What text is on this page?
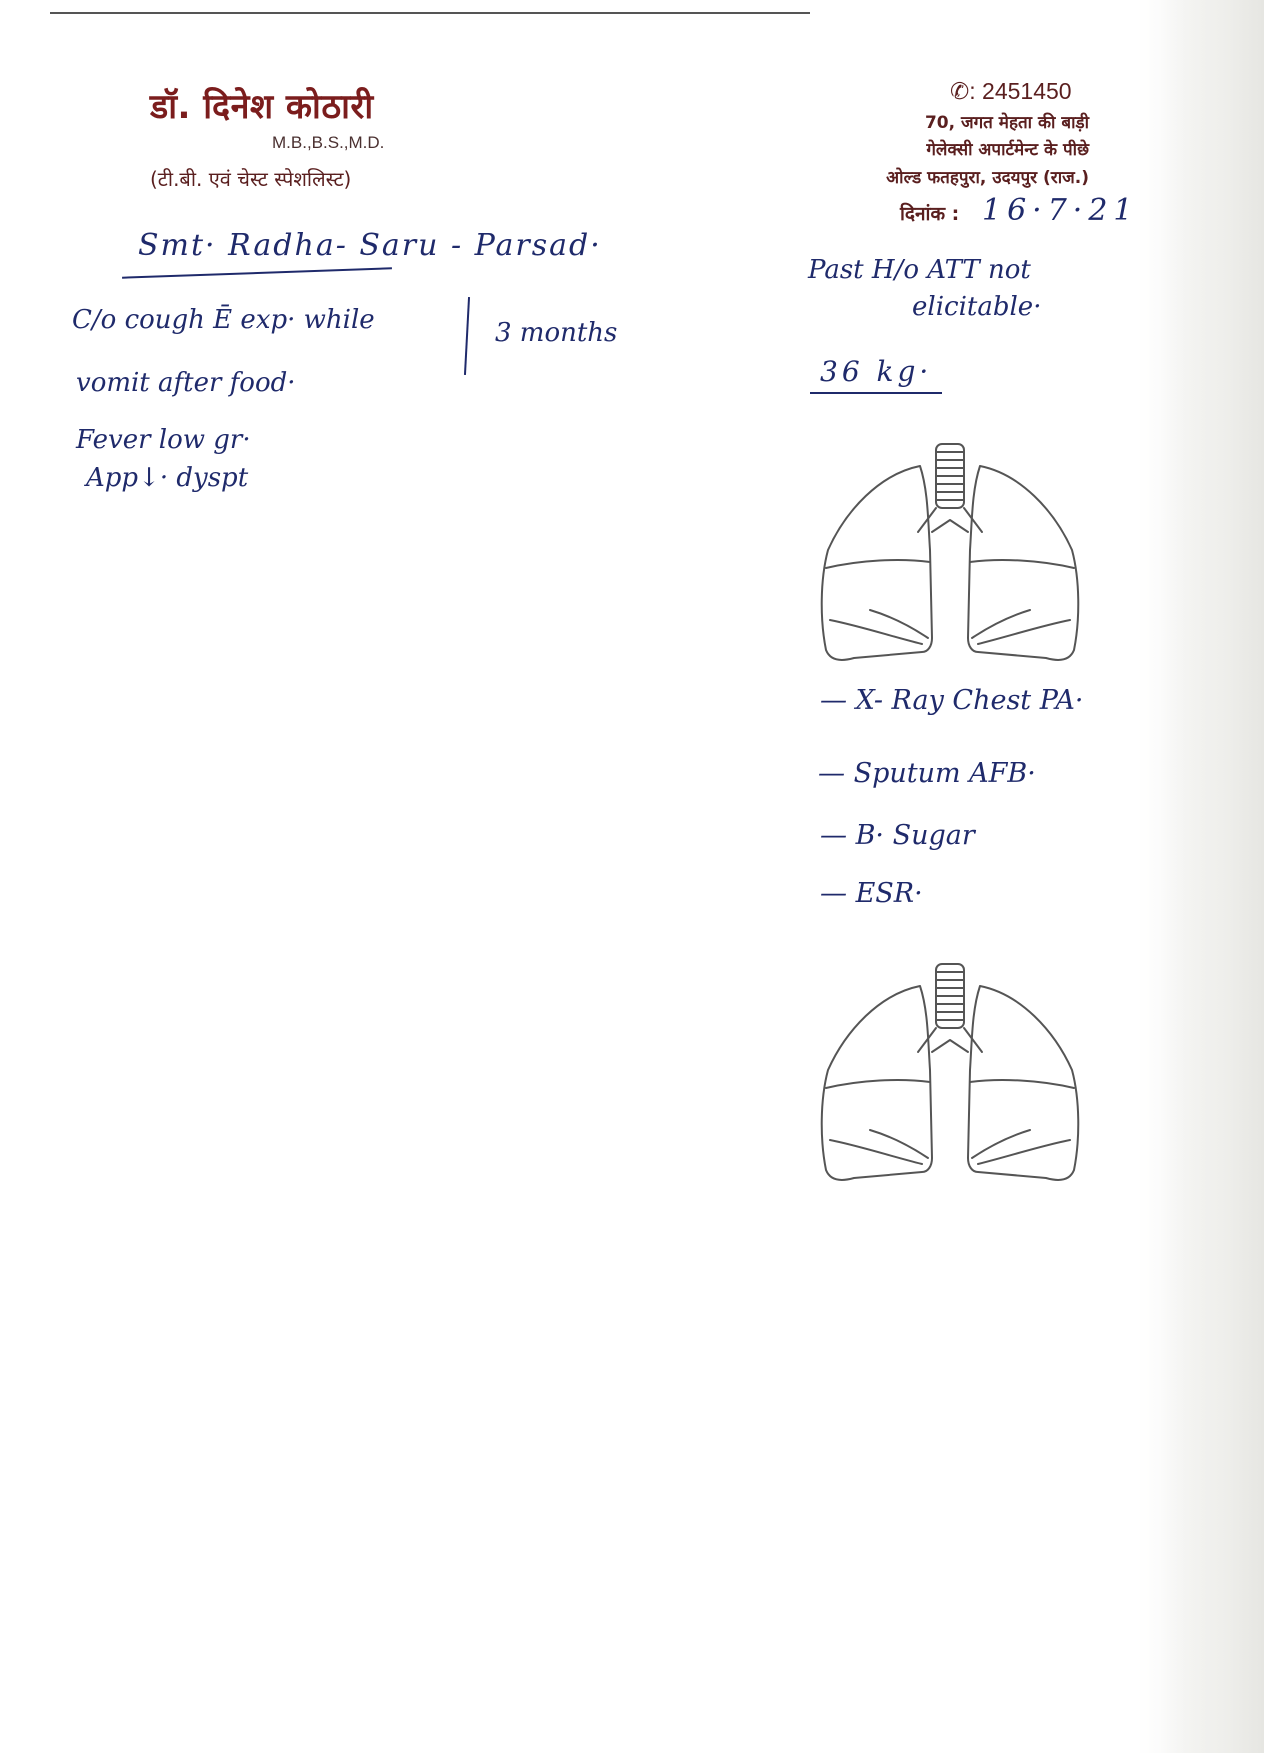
डॉ. दिनेश कोठारी
M.B.,B.S.,M.D.
(टी.बी. एवं चेस्ट स्पेशलिस्ट)
✆: 2451450
70, जगत मेहता की बाड़ी
गेलेक्सी अपार्टमेन्ट के पीछे
ओल्ड फतहपुरा, उदयपुर (राज.)
दिनांक : 16·7·21
Smt· Radha- Saru - Parsad·
C/o cough Ē exp· while
vomit after food·
Fever low gr·
App↓· dyspt
3 months
Past H/o ATT not
elicitable·
36 kg·
— X- Ray Chest PA·
— Sputum AFB·
— B· Sugar
— ESR·
